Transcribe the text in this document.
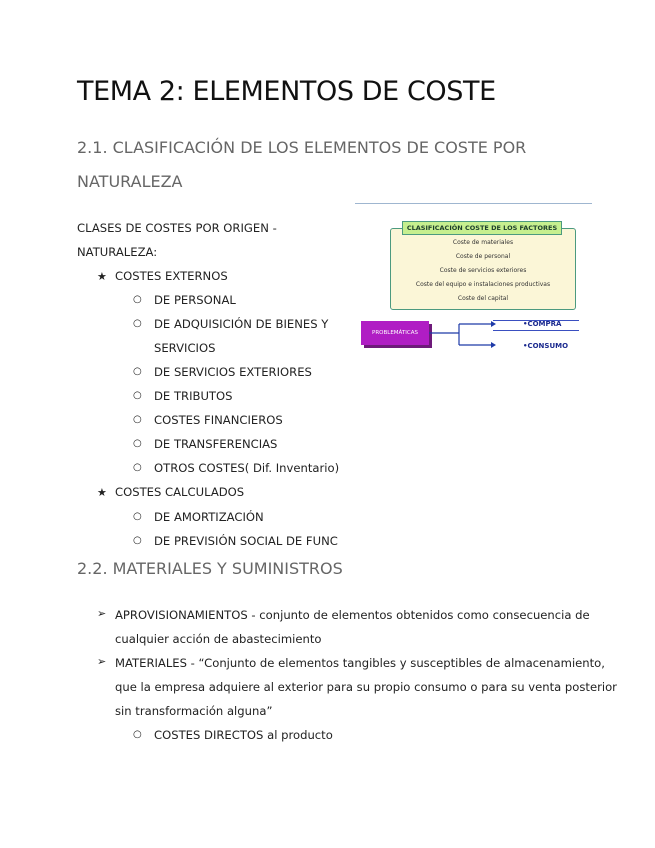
TEMA 2: ELEMENTOS DE COSTE
2.1. CLASIFICACIÓN DE LOS ELEMENTOS DE COSTE POR
NATURALEZA
CLASES DE COSTES POR ORIGEN -
NATURALEZA:
★ COSTES EXTERNOS
○ DE PERSONAL
○ DE ADQUISICIÓN DE BIENES Y
SERVICIOS
○ DE SERVICIOS EXTERIORES
○ DE TRIBUTOS
○ COSTES FINANCIEROS
○ DE TRANSFERENCIAS
○ OTROS COSTES( Dif. Inventario)
★ COSTES CALCULADOS
○ DE AMORTIZACIÓN
○ DE PREVISIÓN SOCIAL DE FUNC
CLASIFICACIÓN COSTE DE LOS FACTORES
Coste de materiales
Coste de personal
Coste de servicios exteriores
Coste del equipo e instalaciones productivas
Coste del capital
PROBLEMÁTICAS
•COMPRA
•CONSUMO
2.2. MATERIALES Y SUMINISTROS
➢ APROVISIONAMIENTOS - conjunto de elementos obtenidos como consecuencia de
cualquier acción de abastecimiento
➢ MATERIALES - “Conjunto de elementos tangibles y susceptibles de almacenamiento,
que la empresa adquiere al exterior para su propio consumo o para su venta posterior
sin transformación alguna”
○ COSTES DIRECTOS al producto
